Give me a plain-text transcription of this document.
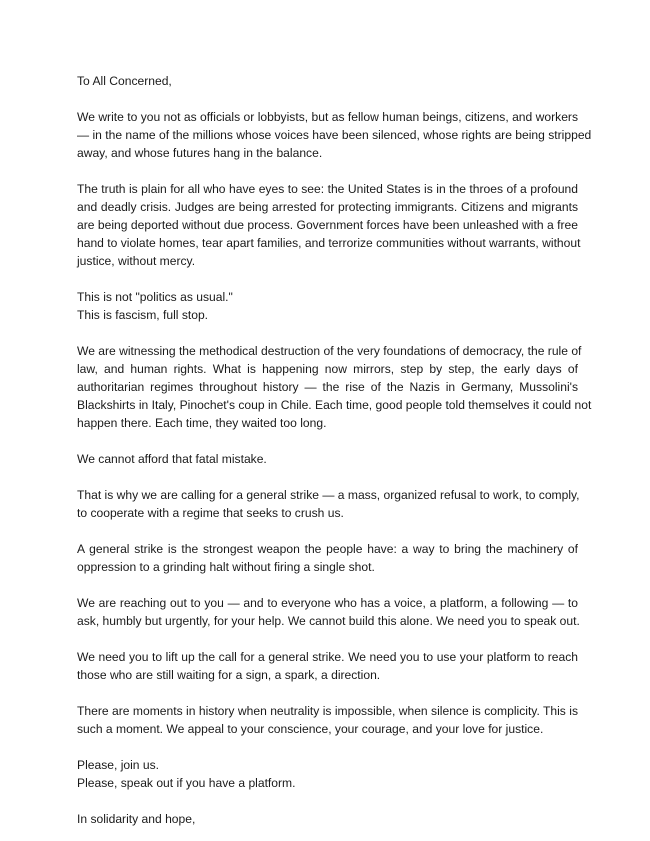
To All Concerned,
We write to you not as officials or lobbyists, but as fellow human beings, citizens, and workers
— in the name of the millions whose voices have been silenced, whose rights are being stripped
away, and whose futures hang in the balance.
The truth is plain for all who have eyes to see: the United States is in the throes of a profound
and deadly crisis. Judges are being arrested for protecting immigrants. Citizens and migrants
are being deported without due process. Government forces have been unleashed with a free
hand to violate homes, tear apart families, and terrorize communities without warrants, without
justice, without mercy.
This is not "politics as usual."
This is fascism, full stop.
We are witnessing the methodical destruction of the very foundations of democracy, the rule of
law, and human rights. What is happening now mirrors, step by step, the early days of
authoritarian regimes throughout history — the rise of the Nazis in Germany, Mussolini's
Blackshirts in Italy, Pinochet's coup in Chile. Each time, good people told themselves it could not
happen there. Each time, they waited too long.
We cannot afford that fatal mistake.
That is why we are calling for a general strike — a mass, organized refusal to work, to comply,
to cooperate with a regime that seeks to crush us.
A general strike is the strongest weapon the people have: a way to bring the machinery of
oppression to a grinding halt without firing a single shot.
We are reaching out to you — and to everyone who has a voice, a platform, a following — to
ask, humbly but urgently, for your help. We cannot build this alone. We need you to speak out.
We need you to lift up the call for a general strike. We need you to use your platform to reach
those who are still waiting for a sign, a spark, a direction.
There are moments in history when neutrality is impossible, when silence is complicity. This is
such a moment. We appeal to your conscience, your courage, and your love for justice.
Please, join us.
Please, speak out if you have a platform.
In solidarity and hope,
